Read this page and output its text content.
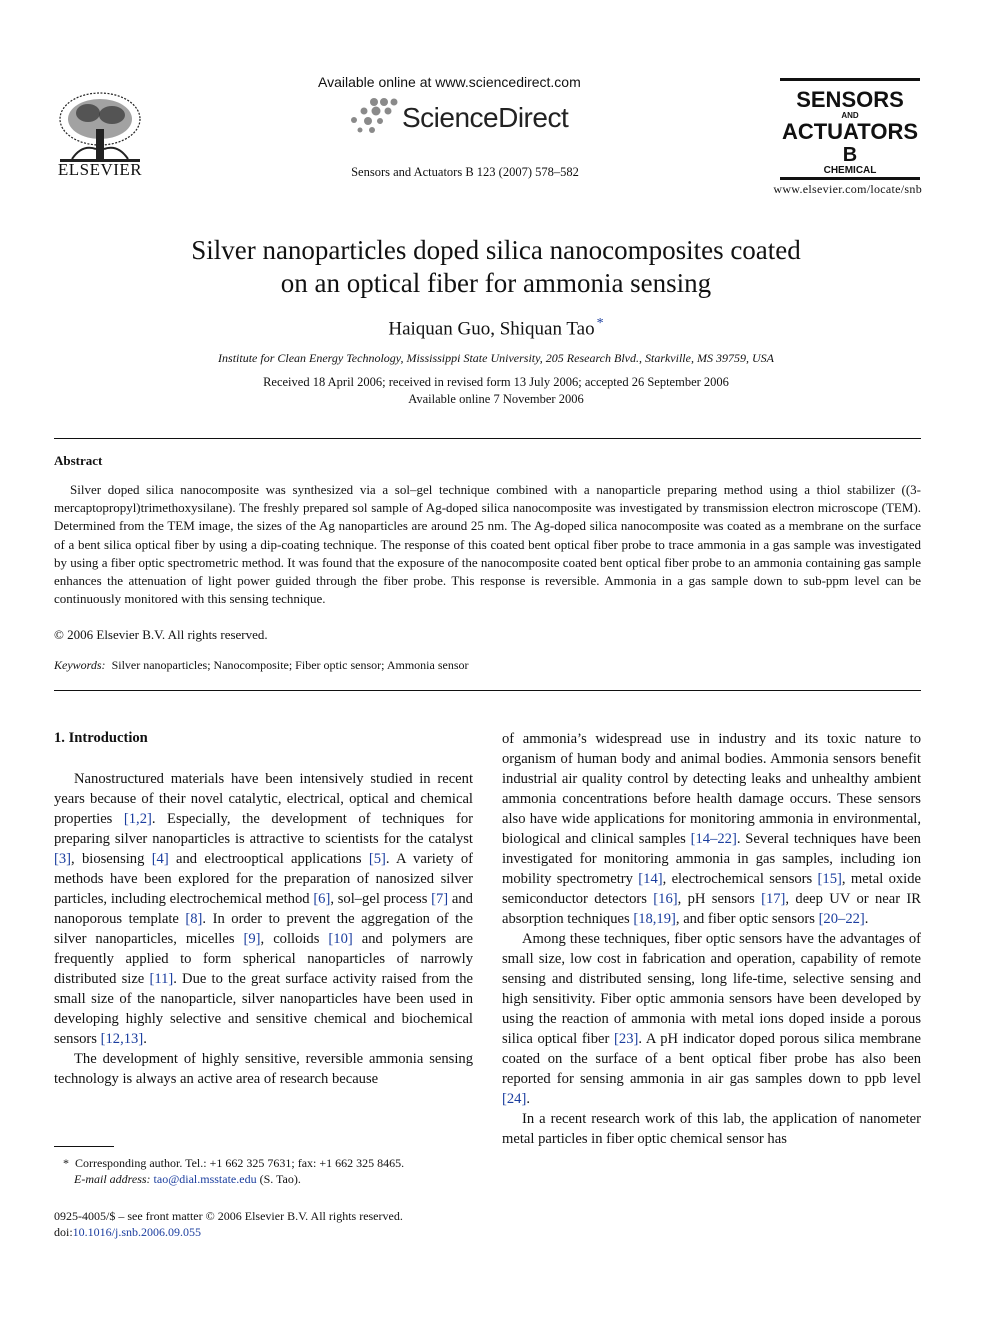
ELSEVIER
Available online at www.sciencedirect.com
ScienceDirect
Sensors and Actuators B 123 (2007) 578–582
SENSORS
AND
ACTUATORS
B
CHEMICAL
www.elsevier.com/locate/snb
Silver nanoparticles doped silica nanocomposites coated
on an optical fiber for ammonia sensing
Haiquan Guo, Shiquan Tao *
Institute for Clean Energy Technology, Mississippi State University, 205 Research Blvd., Starkville, MS 39759, USA
Received 18 April 2006; received in revised form 13 July 2006; accepted 26 September 2006
Available online 7 November 2006
Abstract
Silver doped silica nanocomposite was synthesized via a sol–gel technique combined with a nanoparticle preparing method using a thiol stabilizer ((3-mercaptopropyl)trimethoxysilane). The freshly prepared sol sample of Ag-doped silica nanocomposite was investigated by transmission electron microscope (TEM). Determined from the TEM image, the sizes of the Ag nanoparticles are around 25 nm. The Ag-doped silica nanocomposite was coated as a membrane on the surface of a bent silica optical fiber by using a dip-coating technique. The response of this coated bent optical fiber probe to trace ammonia in a gas sample was investigated by using a fiber optic spectrometric method. It was found that the exposure of the nanocomposite coated bent optical fiber probe to an ammonia containing gas sample enhances the attenuation of light power guided through the fiber probe. This response is reversible. Ammonia in a gas sample down to sub-ppm level can be continuously monitored with this sensing technique.
© 2006 Elsevier B.V. All rights reserved.
Keywords: Silver nanoparticles; Nanocomposite; Fiber optic sensor; Ammonia sensor
1. Introduction

Nanostructured materials have been intensively studied in recent years because of their novel catalytic, electrical, optical and chemical properties [1,2]. Especially, the development of techniques for preparing silver nanoparticles is attractive to scientists for the catalyst [3], biosensing [4] and electrooptical applications [5]. A variety of methods have been explored for the preparation of nanosized silver particles, including electrochemical method [6], sol–gel process [7] and nanoporous template [8]. In order to prevent the aggregation of the silver nanoparticles, micelles [9], colloids [10] and polymers are frequently applied to form spherical nanoparticles of narrowly distributed size [11]. Due to the great surface activity raised from the small size of the nanoparticle, silver nanoparticles have been used in developing highly selective and sensitive chemical and biochemical sensors [12,13].

The development of highly sensitive, reversible ammonia sensing technology is always an active area of research because

of ammonia’s widespread use in industry and its toxic nature to organism of human body and animal bodies. Ammonia sensors benefit industrial air quality control by detecting leaks and unhealthy ambient ammonia concentrations before health damage occurs. These sensors also have wide applications for monitoring ammonia in environmental, biological and clinical samples [14–22]. Several techniques have been investigated for monitoring ammonia in gas samples, including ion mobility spectrometry [14], electrochemical sensors [15], metal oxide semiconductor detectors [16], pH sensors [17], deep UV or near IR absorption techniques [18,19], and fiber optic sensors [20–22].

Among these techniques, fiber optic sensors have the advantages of small size, low cost in fabrication and operation, capability of remote sensing and distributed sensing, long life-time, selective sensing and high sensitivity. Fiber optic ammonia sensors have been developed by using the reaction of ammonia with metal ions doped inside a porous silica optical fiber [23]. A pH indicator doped porous silica membrane coated on the surface of a bent optical fiber probe has also been reported for sensing ammonia in air gas samples down to ppb level [24].

In a recent research work of this lab, the application of nanometer metal particles in fiber optic chemical sensor has

* Corresponding author. Tel.: +1 662 325 7631; fax: +1 662 325 8465.
E-mail address: tao@dial.msstate.edu (S. Tao).
0925-4005/$ – see front matter © 2006 Elsevier B.V. All rights reserved.
doi:10.1016/j.snb.2006.09.055
